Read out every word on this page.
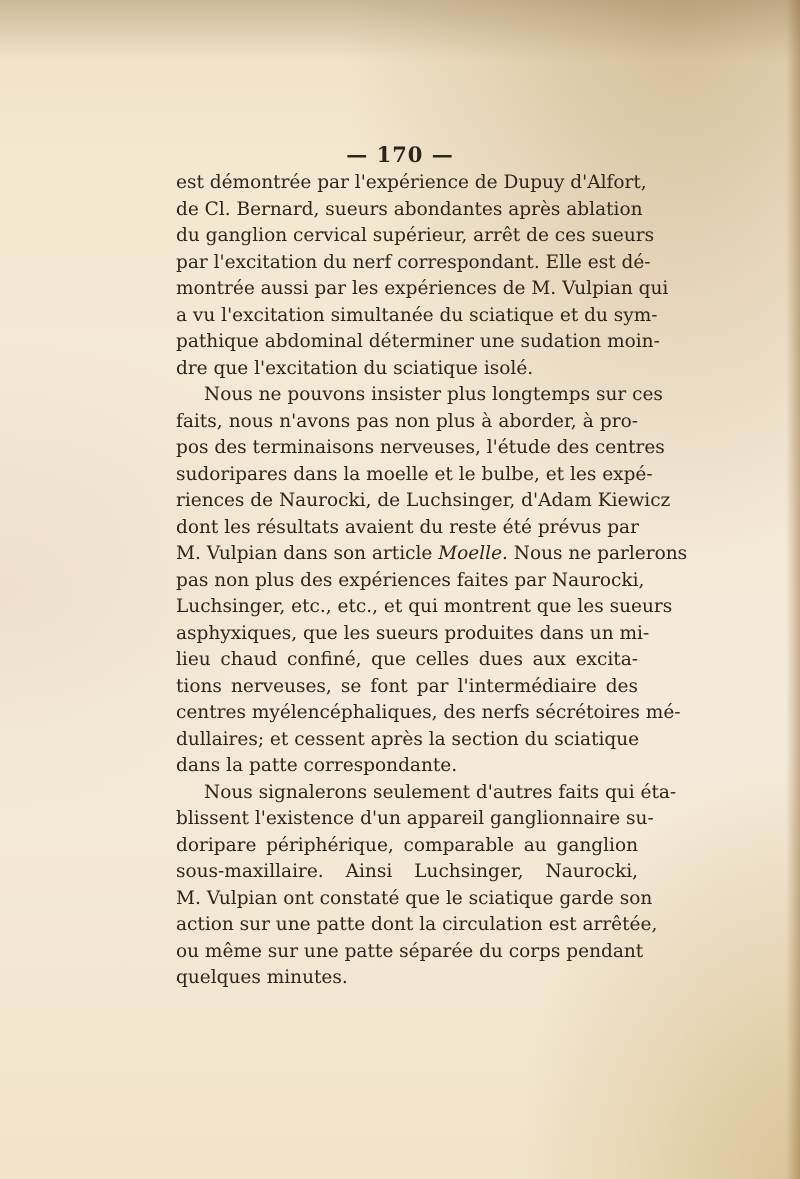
— 170 —
est démontrée par l'expérience de Dupuy d'Alfort,
de Cl. Bernard, sueurs abondantes après ablation
du ganglion cervical supérieur, arrêt de ces sueurs
par l'excitation du nerf correspondant. Elle est dé-
montrée aussi par les expériences de M. Vulpian qui
a vu l'excitation simultanée du sciatique et du sym-
pathique abdominal déterminer une sudation moin-
dre que l'excitation du sciatique isolé.
Nous ne pouvons insister plus longtemps sur ces
faits, nous n'avons pas non plus à aborder, à pro-
pos des terminaisons nerveuses, l'étude des centres
sudoripares dans la moelle et le bulbe, et les expé-
riences de Naurocki, de Luchsinger, d'Adam Kiewicz
dont les résultats avaient du reste été prévus par
M. Vulpian dans son article Moelle. Nous ne parlerons
pas non plus des expériences faites par Naurocki,
Luchsinger, etc., etc., et qui montrent que les sueurs
asphyxiques, que les sueurs produites dans un mi-
lieu chaud confiné, que celles dues aux excita-
tions nerveuses, se font par l'intermédiaire des
centres myélencéphaliques, des nerfs sécrétoires mé-
dullaires; et cessent après la section du sciatique
dans la patte correspondante.
Nous signalerons seulement d'autres faits qui éta-
blissent l'existence d'un appareil ganglionnaire su-
doripare périphérique, comparable au ganglion
sous-maxillaire. Ainsi Luchsinger, Naurocki,
M. Vulpian ont constaté que le sciatique garde son
action sur une patte dont la circulation est arrêtée,
ou même sur une patte séparée du corps pendant
quelques minutes.
